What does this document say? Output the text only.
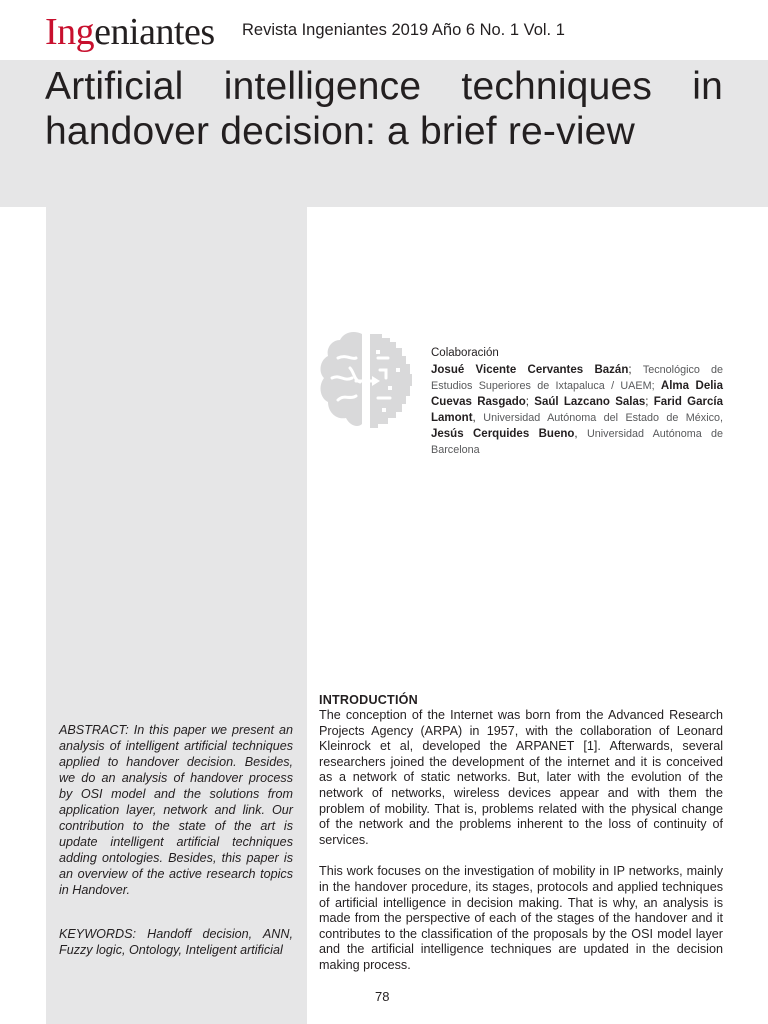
Ingeniantes Revista Ingeniantes 2019 Año 6 No. 1 Vol. 1
Artificial intelligence techniques in handover decision: a brief re-view

ABSTRACT: In this paper we present an analysis of intelligent artificial techniques applied to handover decision. Besides, we do an analysis of handover process by OSI model and the solutions from application layer, network and link. Our contribution to the state of the art is update intelligent artificial techniques adding ontologies. Besides, this paper is an overview of the active research topics in Handover.

KEYWORDS: Handoff decision, ANN, Fuzzy logic, Ontology, Inteligent artificial

Colaboración

Josué Vicente Cervantes Bazán; Tecnológico de Estudios Superiores de Ixtapaluca / UAEM; Alma Delia Cuevas Rasgado; Saúl Lazcano Salas; Farid García Lamont, Universidad Autónoma del Estado de México, Jesús Cerquides Bueno, Universidad Autónoma de Barcelona

INTRODUCTIÓN

The conception of the Internet was born from the Advanced Research Projects Agency (ARPA) in 1957, with the collaboration of Leonard Kleinrock et al, developed the ARPANET [1]. Afterwards, several researchers joined the development of the internet and it is conceived as a network of static networks. But, later with the evolution of the network of networks, wireless devices appear and with them the problem of mobility. That is, problems related with the physical change of the network and the problems inherent to the loss of continuity of services.

This work focuses on the investigation of mobility in IP networks, mainly in the handover procedure, its stages, protocols and applied techniques of artificial intelligence in decision making. That is why, an analysis is made from the perspective of each of the stages of the handover and it contributes to the classification of the proposals by the OSI model layer and the artificial intelligence techniques are updated in the decision making process.

78
